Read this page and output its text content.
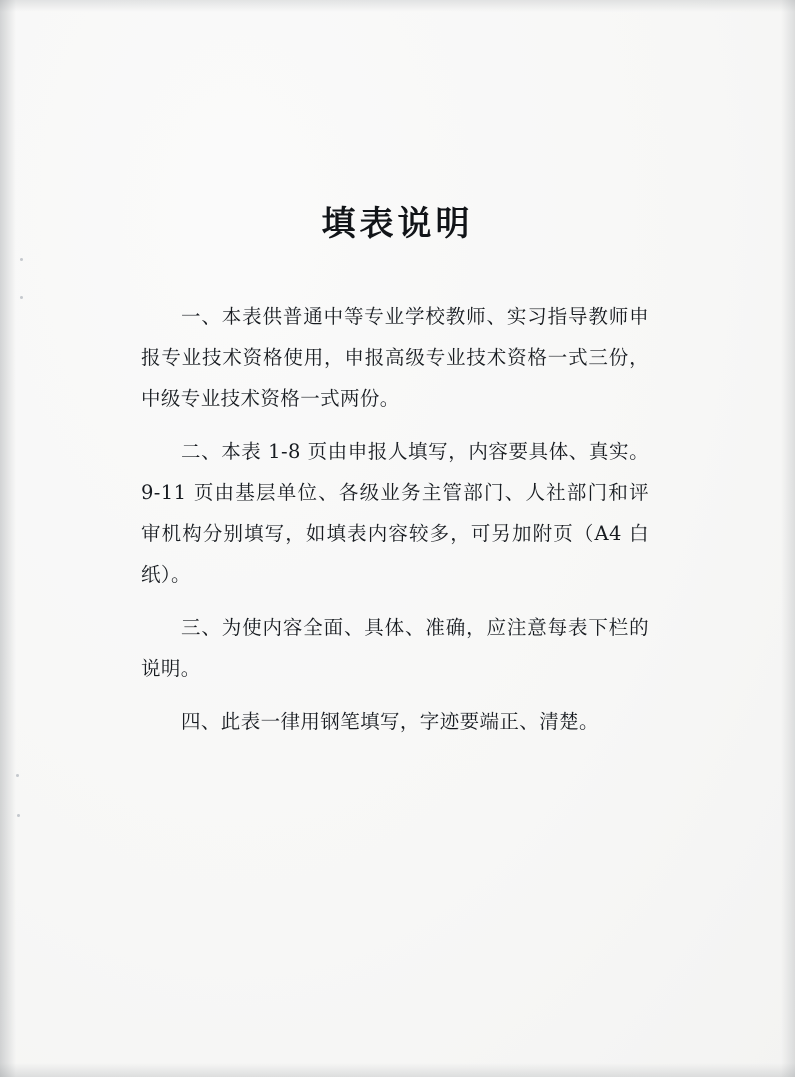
填表说明

一、本表供普通中等专业学校教师、实习指导教师申报专业技术资格使用，申报高级专业技术资格一式三份，中级专业技术资格一式两份。

二、本表 1-8 页由申报人填写，内容要具体、真实。9-11 页由基层单位、各级业务主管部门、人社部门和评审机构分别填写，如填表内容较多，可另加附页（A4 白纸）。

三、为使内容全面、具体、准确，应注意每表下栏的说明。

四、此表一律用钢笔填写，字迹要端正、清楚。
